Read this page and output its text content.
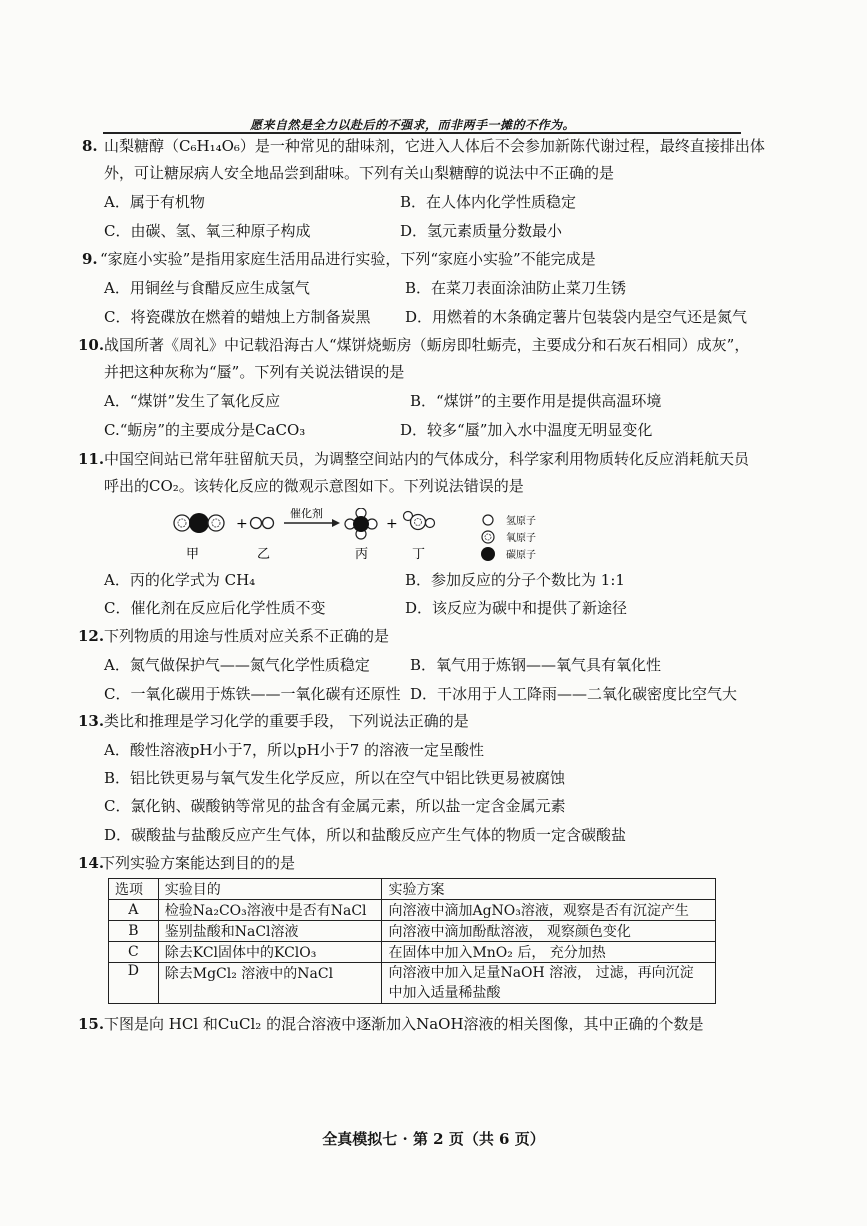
愿来自然是全力以赴后的不强求，而非两手一摊的不作为。
8. 山梨糖醇（C₆H₁₄O₆）是一种常见的甜味剂，它进入人体后不会参加新陈代谢过程，最终直接排出体
外，可让糖尿病人安全地品尝到甜味。下列有关山梨糖醇的说法中不正确的是
A．属于有机物	B．在人体内化学性质稳定
C．由碳、氢、氧三种原子构成	D．氢元素质量分数最小
9. “家庭小实验”是指用家庭生活用品进行实验，下列“家庭小实验”不能完成是
A．用铜丝与食醋反应生成氢气	B．在菜刀表面涂油防止菜刀生锈
C．将瓷碟放在燃着的蜡烛上方制备炭黑 D．用燃着的木条确定薯片包装袋内是空气还是氮气
10. 战国所著《周礼》中记载沿海古人“煤饼烧蛎房（蛎房即牡蛎壳，主要成分和石灰石相同）成灰”，
并把这种灰称为“蜃”。下列有关说法错误的是
A．“煤饼”发生了氧化反应	B．“煤饼”的主要作用是提供高温环境
C.“蛎房”的主要成分是CaCO₃	D．较多“蜃”加入水中温度无明显变化
11. 中国空间站已常年驻留航天员，为调整空间站内的气体成分，科学家利用物质转化反应消耗航天员
呼出的CO₂。该转化反应的微观示意图如下。下列说法错误的是
+
催化剂
+
甲	乙	丙	丁
氢原子
氧原子
碳原子
A．丙的化学式为 CH₄	B．参加反应的分子个数比为 1:1
C．催化剂在反应后化学性质不变	D．该反应为碳中和提供了新途径
12. 下列物质的用途与性质对应关系不正确的是
A．氮气做保护气——氮气化学性质稳定	B．氧气用于炼钢——氧气具有氧化性
C．一氧化碳用于炼铁——一氧化碳有还原性 D．干冰用于人工降雨——二氧化碳密度比空气大
13. 类比和推理是学习化学的重要手段， 下列说法正确的是
A．酸性溶液pH小于7，所以pH小于7 的溶液一定呈酸性
B．铝比铁更易与氧气发生化学反应，所以在空气中铝比铁更易被腐蚀
C．氯化钠、碳酸钠等常见的盐含有金属元素，所以盐一定含金属元素
D．碳酸盐与盐酸反应产生气体，所以和盐酸反应产生气体的物质一定含碳酸盐
14.
下列实验方案能达到目的的是
选项	实验目的	实验方案
A	检验Na₂CO₃溶液中是否有NaCl	向溶液中滴加AgNO₃溶液，观察是否有沉淀产生
B	鉴别盐酸和NaCl溶液	向溶液中滴加酚酞溶液， 观察颜色变化
C	除去KCl固体中的KClO₃	在固体中加入MnO₂ 后， 充分加热
D	除去MgCl₂ 溶液中的NaCl	向溶液中加入足量NaOH 溶液， 过滤，再向沉淀
中加入适量稀盐酸
15. 下图是向 HCl 和CuCl₂ 的混合溶液中逐渐加入NaOH溶液的相关图像，其中正确的个数是
全真模拟七 · 第 2 页（共 6 页）
